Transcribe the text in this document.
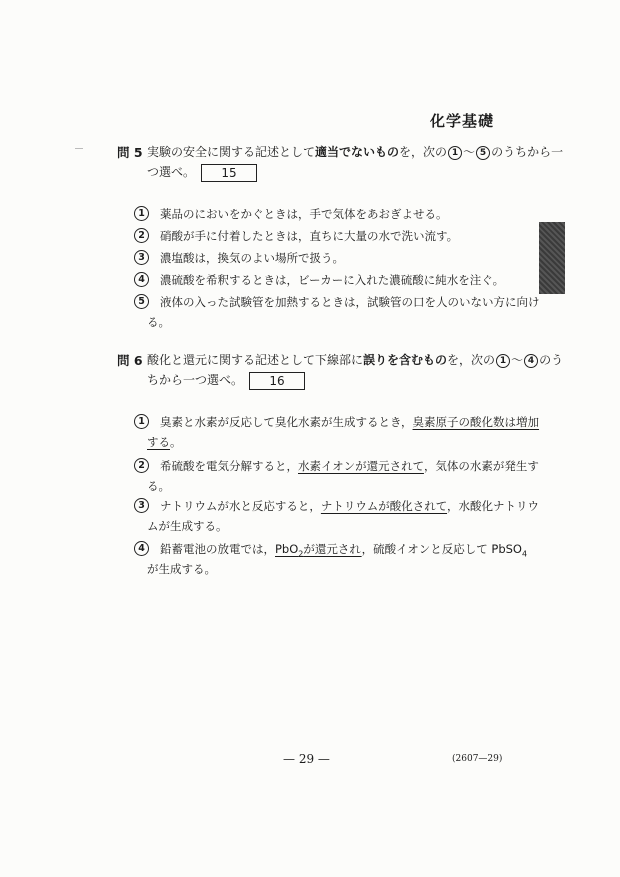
化学基礎
問 5 実験の安全に関する記述として適当でないものを，次の 1 〜 5 のうちから一
つ選べ。 15
1	薬品のにおいをかぐときは，手で気体をあおぎよせる。
2	硝酸が手に付着したときは，直ちに大量の水で洗い流す。
3	濃塩酸は，換気のよい場所で扱う。
4	濃硫酸を希釈するときは，ビーカーに入れた濃硫酸に純水を注ぐ。
5	液体の入った試験管を加熱するときは，試験管の口を人のいない方に向け
る。
問 6 酸化と還元に関する記述として下線部に誤りを含むものを，次の 1 〜 4 のう
ちから一つ選べ。 16
1	臭素と水素が反応して臭化水素が生成するとき，臭素原子の酸化数は増加
する。
2	希硫酸を電気分解すると，水素イオンが還元されて，気体の水素が発生す
る。
3	ナトリウムが水と反応すると，ナトリウムが酸化されて，水酸化ナトリウ
ムが生成する。
4	鉛蓄電池の放電では，PbO$_2$が還元され，硫酸イオンと反応して PbSO$_4$
が生成する。
— 29 —	(2607—29)
